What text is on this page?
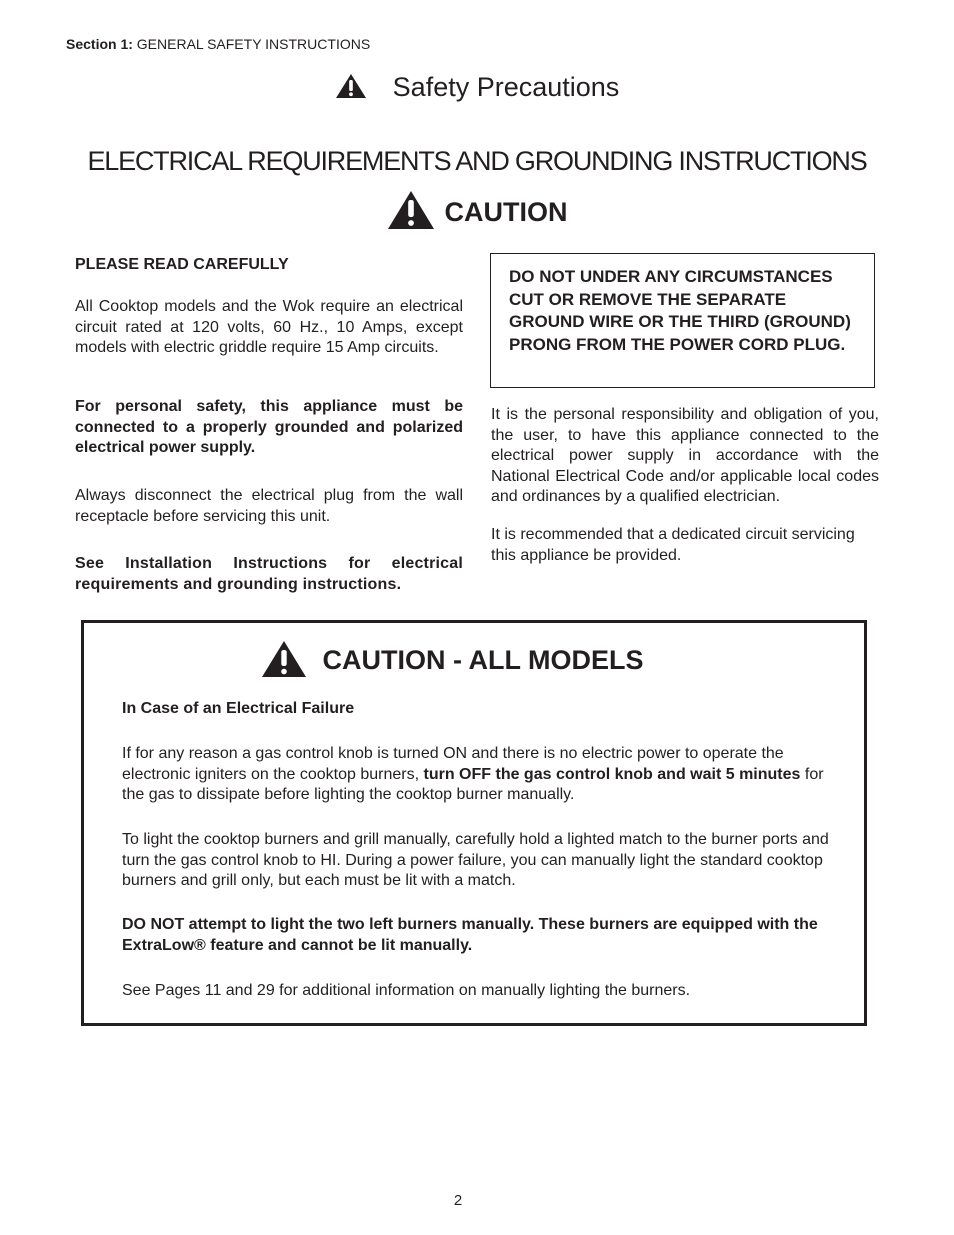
Section 1: GENERAL SAFETY INSTRUCTIONS
Safety Precautions
ELECTRICAL REQUIREMENTS AND GROUNDING INSTRUCTIONS
CAUTION
PLEASE READ CAREFULLY
All Cooktop models and the Wok require an electrical circuit rated at 120 volts, 60 Hz., 10 Amps, except models with electric griddle require 15 Amp circuits.
For personal safety, this appliance must be connected to a properly grounded and polarized electrical power supply.
Always disconnect the electrical plug from the wall receptacle before servicing this unit.
See Installation Instructions for electrical requirements and grounding instructions.
DO NOT UNDER ANY CIRCUMSTANCES CUT OR REMOVE THE SEPARATE GROUND WIRE OR THE THIRD (GROUND) PRONG FROM THE POWER CORD PLUG.
It is the personal responsibility and obligation of you, the user, to have this appliance connected to the electrical power supply in accordance with the National Electrical Code and/or applicable local codes and ordinances by a qualified electrician.
It is recommended that a dedicated circuit servicing this appliance be provided.
CAUTION - ALL MODELS
In Case of an Electrical Failure
If for any reason a gas control knob is turned ON and there is no electric power to operate the electronic igniters on the cooktop burners, turn OFF the gas control knob and wait 5 minutes for the gas to dissipate before lighting the cooktop burner manually.
To light the cooktop burners and grill manually, carefully hold a lighted match to the burner ports and turn the gas control knob to HI. During a power failure, you can manually light the standard cooktop burners and grill only, but each must be lit with a match.
DO NOT attempt to light the two left burners manually. These burners are equipped with the ExtraLow® feature and cannot be lit manually.
See Pages 11 and 29 for additional information on manually lighting the burners.
2
